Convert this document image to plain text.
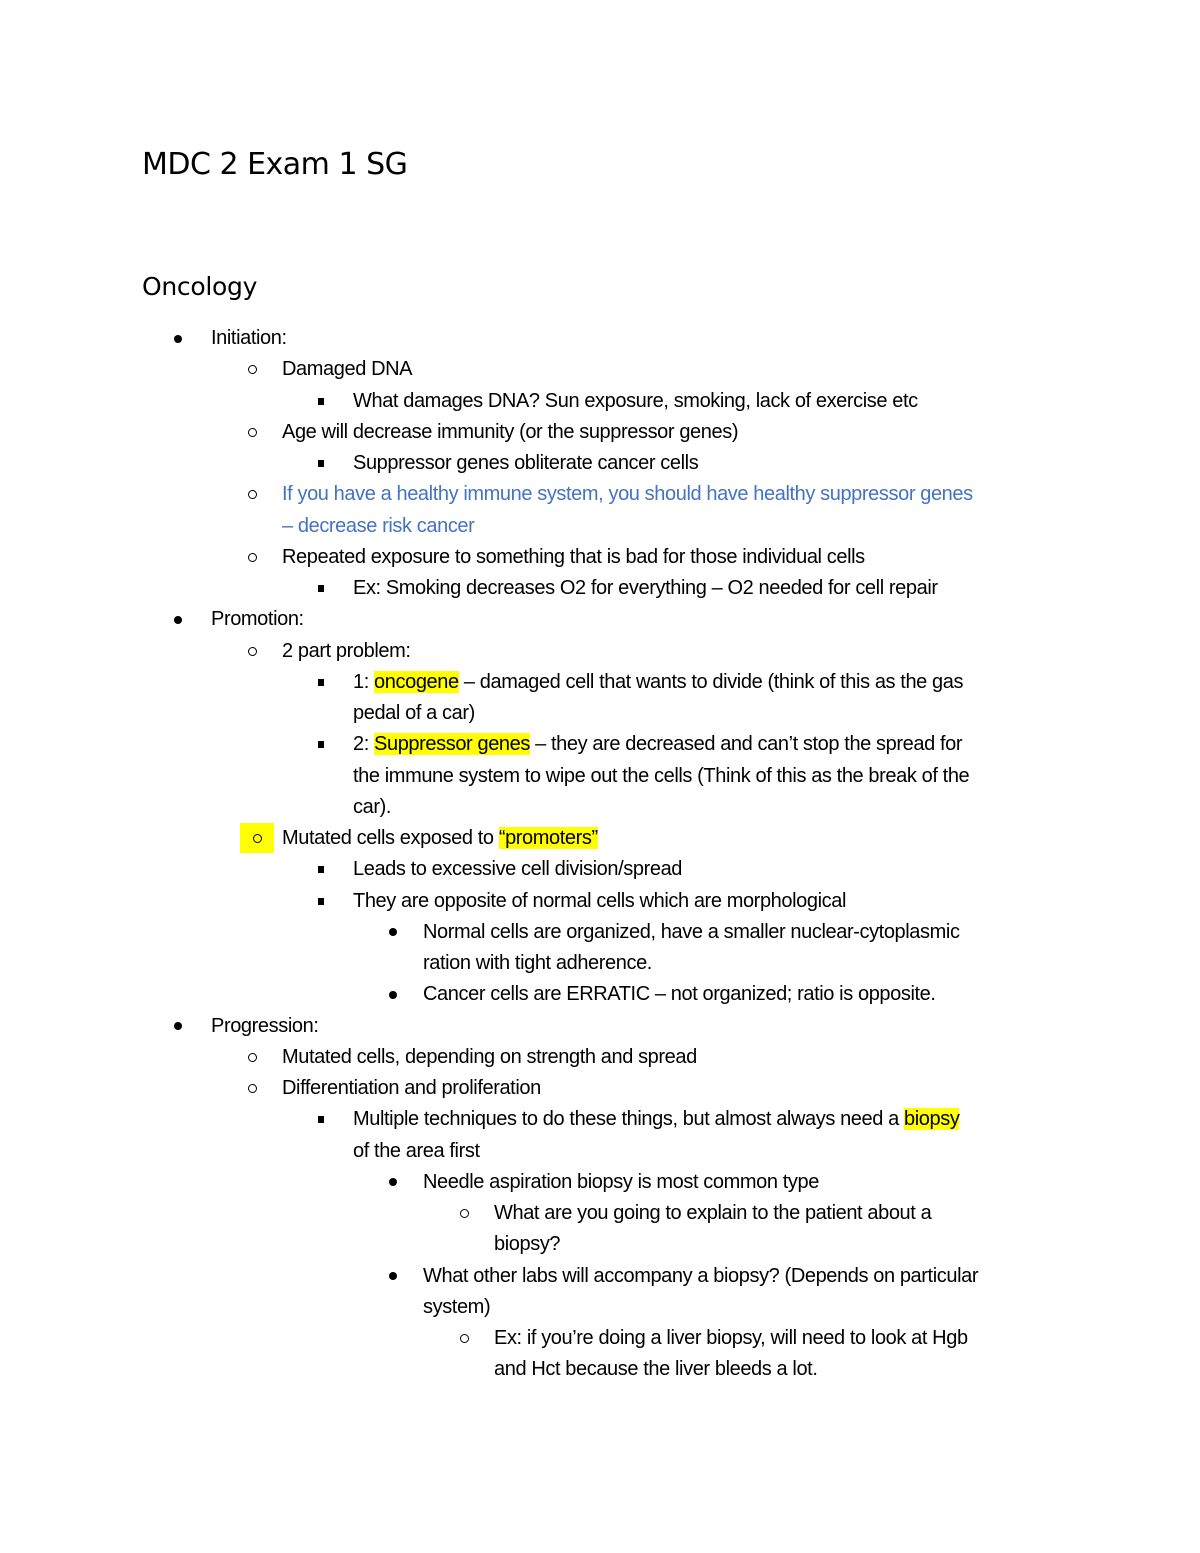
MDC 2 Exam 1 SG
Oncology
Initiation:
Damaged DNA
What damages DNA? Sun exposure, smoking, lack of exercise etc
Age will decrease immunity (or the suppressor genes)
Suppressor genes obliterate cancer cells
If you have a healthy immune system, you should have healthy suppressor genes
– decrease risk cancer
Repeated exposure to something that is bad for those individual cells
Ex: Smoking decreases O2 for everything – O2 needed for cell repair
Promotion:
2 part problem:
1: oncogene – damaged cell that wants to divide (think of this as the gas
pedal of a car)
2: Suppressor genes – they are decreased and can’t stop the spread for
the immune system to wipe out the cells (Think of this as the break of the
car).
Mutated cells exposed to “promoters”
Leads to excessive cell division/spread
They are opposite of normal cells which are morphological
Normal cells are organized, have a smaller nuclear-cytoplasmic
ration with tight adherence.
Cancer cells are ERRATIC – not organized; ratio is opposite.
Progression:
Mutated cells, depending on strength and spread
Differentiation and proliferation
Multiple techniques to do these things, but almost always need a biopsy
of the area first
Needle aspiration biopsy is most common type
What are you going to explain to the patient about a
biopsy?
What other labs will accompany a biopsy? (Depends on particular
system)
Ex: if you’re doing a liver biopsy, will need to look at Hgb
and Hct because the liver bleeds a lot.
